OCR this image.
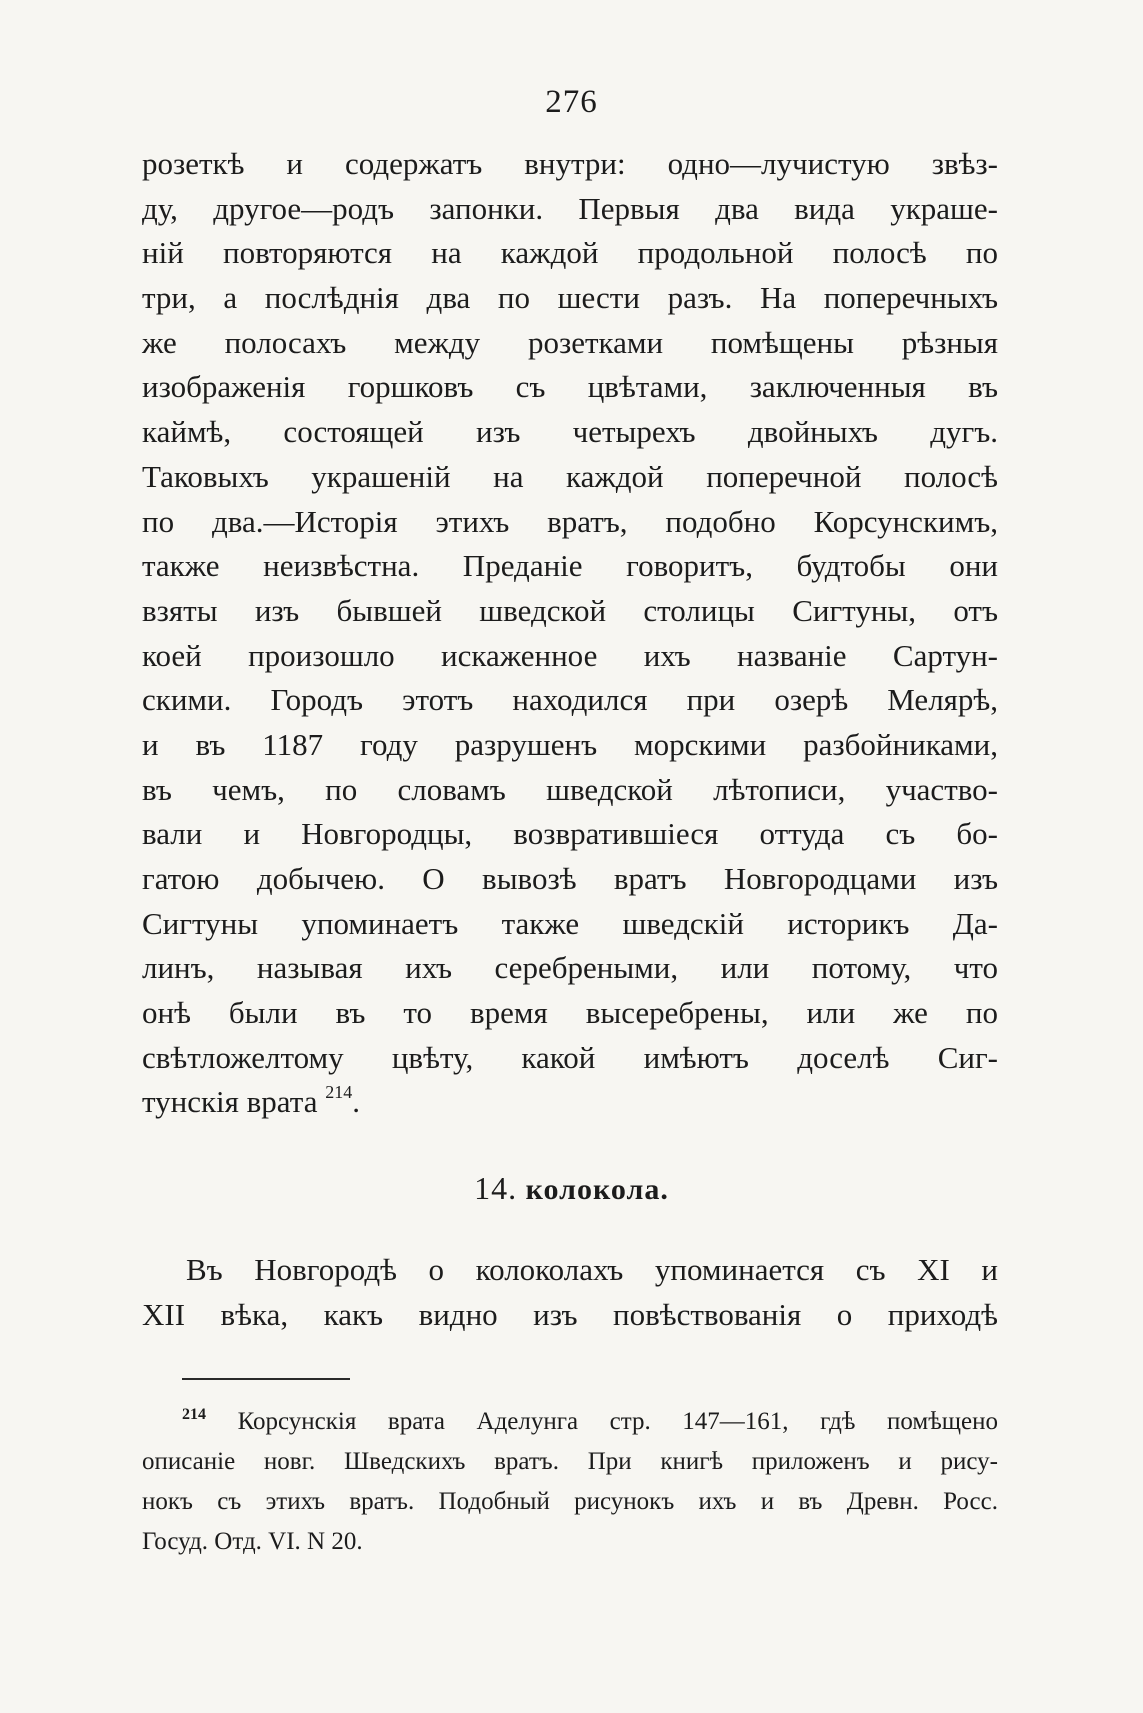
276
розеткѣ и содержатъ внутри: одно—лучистую звѣз-
ду, другое—родъ запонки. Первыя два вида украше-
ній повторяются на каждой продольной полосѣ по
три, а послѣднія два по шести разъ. На поперечныхъ
же полосахъ между розетками помѣщены рѣзныя
изображенія горшковъ съ цвѣтами, заключенныя въ
каймѣ, состоящей изъ четырехъ двойныхъ дугъ.
Таковыхъ украшеній на каждой поперечной полосѣ
по два.—Исторія этихъ вратъ, подобно Корсунскимъ,
также неизвѣстна. Преданіе говоритъ, будтобы они
взяты изъ бывшей шведской столицы Сигтуны, отъ
коей произошло искаженное ихъ названіе Сартун-
скими. Городъ этотъ находился при озерѣ Мелярѣ,
и въ 1187 году разрушенъ морскими разбойниками,
въ чемъ, по словамъ шведской лѣтописи, участво-
вали и Новгородцы, возвратившіеся оттуда съ бо-
гатою добычею. О вывозѣ вратъ Новгородцами изъ
Сигтуны упоминаетъ также шведскій историкъ Да-
линъ, называя ихъ серебреными, или потому, что
онѣ были въ то время высеребрены, или же по
свѣтложелтому цвѣту, какой имѣютъ доселѣ Сиг-
тунскія врата $^{214}$.
14. колокола.
Въ Новгородѣ о колоколахъ упоминается съ XI и
XII вѣка, какъ видно изъ повѣствованія о приходѣ
$^{214}$ Корсунскія врата Аделунга стр. 147—161, гдѣ помѣщено
описаніе новг. Шведскихъ вратъ. При книгѣ приложенъ и рису-
нокъ съ этихъ вратъ. Подобный рисунокъ ихъ и въ Древн. Росс.
Госуд. Отд. VI. N 20.
